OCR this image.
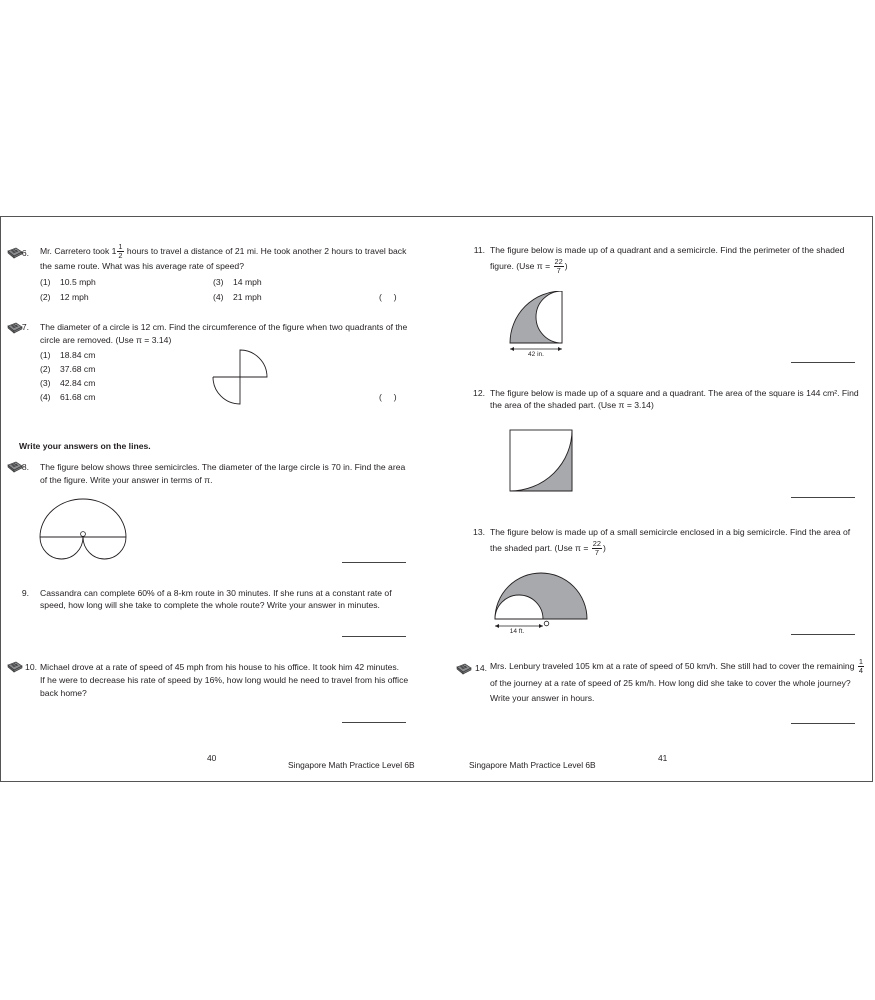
6. Mr. Carretero took $1 \frac{1}{2}$ hours to travel a distance of 21 mi. He took another 2 hours to travel back
the same route. What was his average rate of speed?
(1) 10.5 mph
(2) 12 mph
(3) 14 mph
(4) 21 mph	(     )
7. The diameter of a circle is 12 cm. Find the circumference of the figure when two quadrants of the
circle are removed. (Use π = 3.14)
(1) 18.84 cm
(2) 37.68 cm
(3) 42.84 cm
(4) 61.68 cm	(     )
Write your answers on the lines.
8. The figure below shows three semicircles. The diameter of the large circle is 70 in. Find the area
of the figure. Write your answer in terms of π.
9. Cassandra can complete 60% of a 8-km route in 30 minutes. If she runs at a constant rate of
speed, how long will she take to complete the whole route? Write your answer in minutes.
10. Michael drove at a rate of speed of 45 mph from his house to his office. It took him 42 minutes.
If he were to decrease his rate of speed by 16%, how long would he need to travel from his office
back home?
40
Singapore Math Practice Level 6B
11. The figure below is made up of a quadrant and a semicircle. Find the perimeter of the shaded
figure. (Use $\pi = \frac{22}{7}$ )
42 in.
12. The figure below is made up of a square and a quadrant. The area of the square is 144 cm². Find
the area of the shaded part. (Use π = 3.14)
13. The figure below is made up of a small semicircle enclosed in a big semicircle. Find the area of
the shaded part. (Use $\pi = \frac{22}{7}$ )
14 ft.
14. Mrs. Lenbury traveled 105 km at a rate of speed of 50 km/h. She still had to cover the remaining $\frac{1}{4}$
of the journey at a rate of speed of 25 km/h. How long did she take to cover the whole journey?
Write your answer in hours.
41
Singapore Math Practice Level 6B
